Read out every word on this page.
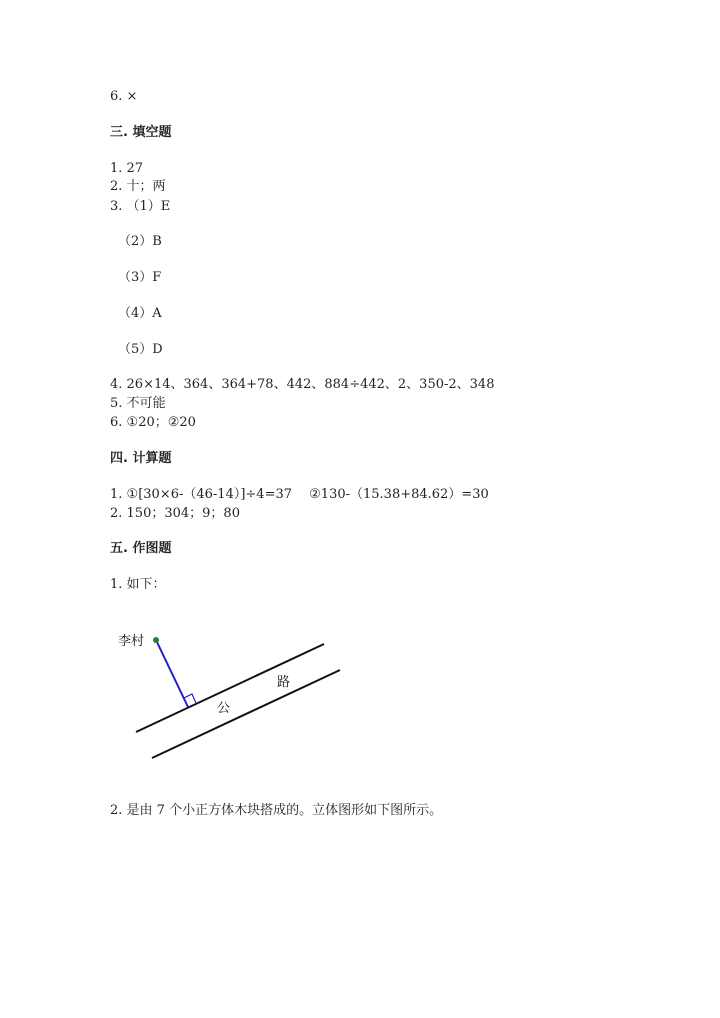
6. ×
三. 填空题
1. 27
2. 十；两
3. （1）E
（2）B
（3）F
（4）A
（5）D
4. 26×14、364、364+78、442、884÷442、2、350-2、348
5. 不可能
6. ①20；②20
四. 计算题
1. ①[30×6-（46-14）]÷4=37　 ②130-（15.38+84.62）=30
2. 150；304；9；80
五. 作图题
1. 如下：
李村
公
路
2. 是由 7 个小正方体木块搭成的。立体图形如下图所示。
